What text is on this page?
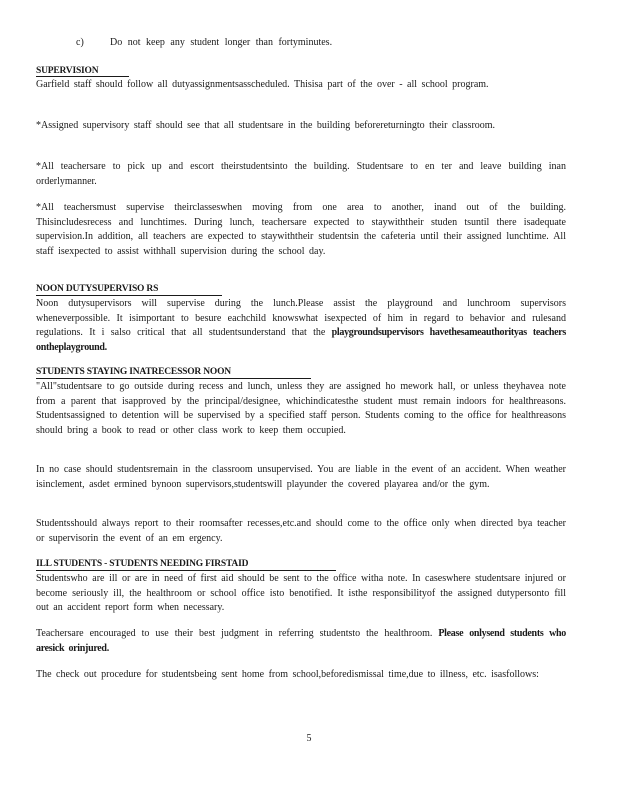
c)	Do not keep any student longer than fortyminutes.
SUPERVISION
Garfield staff should follow all dutyassignmentsasscheduled. Thisisa part of the over - all school program.
*Assigned supervisory staff should see that all studentsare in the building beforereturningto their classroom.
*All teachersare to pick up and escort theirstudentsinto the building. Studentsare to en ter and leave building inan orderlymanner.
*All teachersmust supervise theirclasseswhen moving from one area to another, inand out of the building. Thisincludesrecess and lunchtimes. During lunch, teachersare expected to staywiththeir studen tsuntil there isadequate supervision.In addition, all teachers are expected to staywiththeir studentsin the cafeteria until their assigned lunchtime. All staff isexpected to assist withhall supervision during the school day.
NOON DUTYSUPERVISO RS
Noon dutysupervisors will supervise during the lunch.Please assist the playground and lunchroom supervisors wheneverpossible. It isimportant to besure eachchild knowswhat isexpected of him in regard to behavior and rulesand regulations. It i salso critical that all studentsunderstand that the playgroundsupervisors havethesameauthorityas teachers ontheplayground.
STUDENTS STAYING INATRECESSOR NOON
"All"studentsare to go outside during recess and lunch, unless they are assigned ho mework hall, or unless theyhavea note from a parent that isapproved by the principal/designee, whichindicatesthe student must remain indoors for healthreasons. Studentsassigned to detention will be supervised by a specified staff person. Students coming to the office for healthreasons should bring a book to read or other class work to keep them occupied.
In no case should studentsremain in the classroom unsupervised. You are liable in the event of an accident. When weather isinclement, asdet ermined bynoon supervisors,studentswill playunder the covered playarea and/or the gym.
Studentsshould always report to their roomsafter recesses,etc.and should come to the office only when directed bya teacher or supervisorin the event of an em ergency.
ILL STUDENTS - STUDENTS NEEDING FIRSTAID
Studentswho are ill or are in need of first aid should be sent to the office witha note. In caseswhere studentsare injured or become seriously ill, the healthroom or school office isto benotified. It isthe responsibilityof the assigned dutypersonto fill out an accident report form when necessary.
Teachersare encouraged to use their best judgment in referring studentsto the healthroom. Please onlysend students who aresick orinjured.
The check out procedure for studentsbeing sent home from school,beforedismissal time,due to illness, etc. isasfollows:
5
